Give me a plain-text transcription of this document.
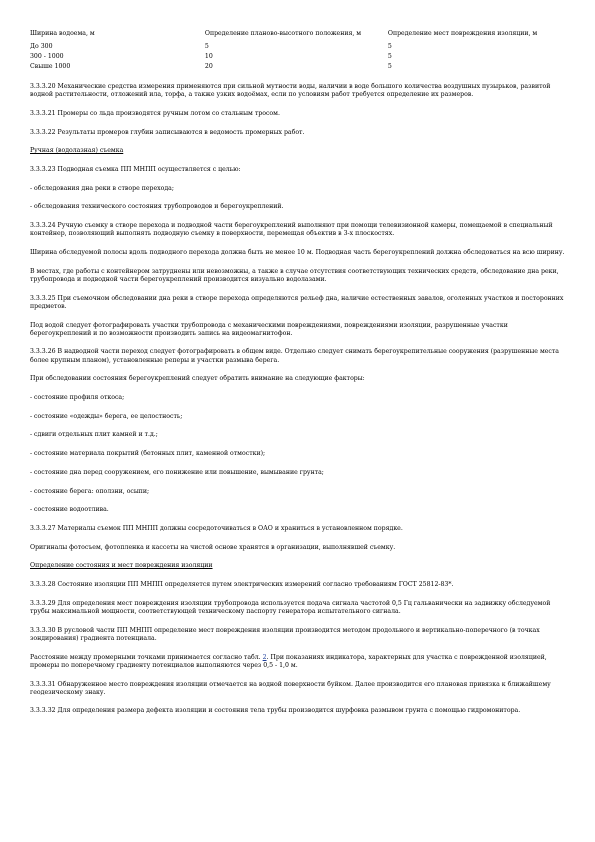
Ширина водоема, м	Определение планово-высотного положения, м	Определение мест повреждения изоляции, м
До 300	5	5
300 - 1000	10	5
Свыше 1000	20	5

3.3.3.20 Механические средства измерения применяются при сильной мутности воды, наличии в воде большого количества воздушных пузырьков, развитой водной растительности, отложений ила, торфа, а также узких водоёмах, если по условиям работ требуется определение их размеров.

3.3.3.21 Промеры со льда производятся ручным лотом со стальным тросом.

3.3.3.22 Результаты промеров глубин записываются в ведомость промерных работ.

Ручная (водолазная) съемка

3.3.3.23 Подводная съемка ПП МНПП осуществляется с целью:

- обследования дна реки в створе перехода;

- обследования технического состояния трубопроводов и берегоукреплений.

3.3.3.24 Ручную съемку в створе перехода и подводной части берегоукреплений выполняют при помощи телевизионной камеры, помещаемой в специальный контейнер, позволяющий выполнять подводную съемку в поверхности, перемещая объектив в 3-х плоскостях.

Ширина обследуемой полосы вдоль подводного перехода должна быть не менее 10 м. Подводная часть берегоукреплений должна обследоваться на всю ширину.

В местах, где работы с контейнером затруднены или невозможны, а также в случае отсутствия соответствующих технических средств, обследование дна реки, трубопровода и подводной части берегоукреплений производится визуально водолазами.

3.3.3.25 При съемочном обследовании дна реки в створе перехода определяются рельеф дна, наличие естественных завалов, оголенных участков и посторонних предметов.

Под водой следует фотографировать участки трубопровода с механическими повреждениями, повреждениями изоляции, разрушенные участки берегоукреплений и по возможности производить запись на видеомагнитофон.

3.3.3.26 В надводной части переход следует фотографировать в общем виде. Отдельно следует снимать берегоукрепительные сооружения (разрушенные места более крупным планом), установленные реперы и участки размыва берега.

При обследовании состояния берегоукреплений следует обратить внимание на следующие факторы:

- состояние профиля откоса;

- состояние «одежды» берега, ее целостность;

- сдвиги отдельных плит камней и т.д.;

- состояние материала покрытий (бетонных плит, каменной отмостки);

- состояние дна перед сооружением, его понижение или повышение, вымывание грунта;

- состояние берега: оползни, осыпи;

- состояние водоотлива.

3.3.3.27 Материалы съемок ПП МНПП должны сосредоточиваться в ОАО и храниться в установленном порядке.

Оригиналы фотосъем, фотопленка и кассеты на чистой основе хранятся в организации, выполнявшей съемку.

Определение состояния и мест повреждения изоляции

3.3.3.28 Состояние изоляции ПП МНПП определяется путем электрических измерений согласно требованиям ГОСТ 25812-83*.

3.3.3.29 Для определения мест повреждения изоляции трубопровода используется подача сигнала частотой 0,5 Гц гальванически на задвижку обследуемой трубы максимальной мощности, соответствующей техническому паспорту генератора испытательного сигнала.

3.3.3.30 В русловой части ПП МНПП определение мест повреждения изоляции производится методом продольного и вертикально-поперечного (в точках зондирования) градиента потенциала.

Расстояние между промерными точками принимается согласно табл. 2. При показаниях индикатора, характерных для участка с поврежденной изоляцией, промеры по поперечному градиенту потенциалов выполняются через 0,5 - 1,0 м.

3.3.3.31 Обнаруженное место повреждения изоляции отмечается на водной поверхности буйком. Далее производится его плановая привязка к ближайшему геодезическому знаку.

3.3.3.32 Для определения размера дефекта изоляции и состояния тела трубы производится шурфовка размывом грунта с помощью гидромонитора.
